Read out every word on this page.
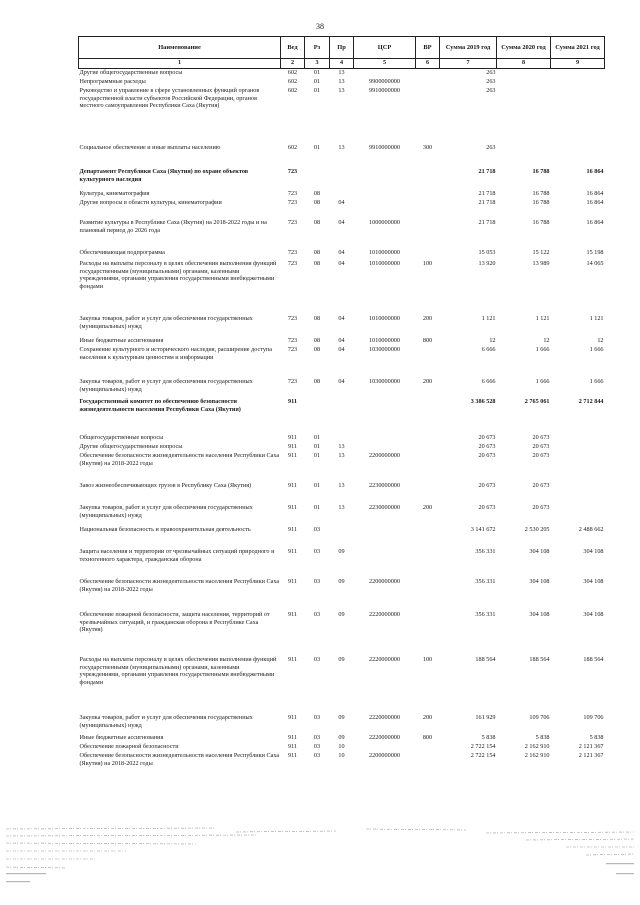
38
Наименование	Вед	Рз	Пр	ЦСР	ВР	Сумма 2019 год	Сумма 2020 год	Сумма 2021 год
1	2	3	4	5	6	7	8	9
Другие общегосударственные вопросы	602	01	13			263		
Непрограммные расходы	602	01	13	9900000000		263		
Руководство и управление в сфере установленных функций органов государственной власти субъектов Российской Федерации, органов местного самоуправления Республики Саха (Якутия)	602	01	13	9910000000		263		
Социальное обеспечение и иные выплаты населению	602	01	13	9910000000	300	263		
Департамент Республики Саха (Якутия) по охране объектов культурного наследия	723					21 718	16 788	16 864
Культура, кинематография	723	08				21 718	16 788	16 864
Другие вопросы в области культуры, кинематографии	723	08	04			21 718	16 788	16 864
Развитие культуры в Республике Саха (Якутия) на 2018-2022 годы и на плановый период до 2026 года	723	08	04	1000000000		21 718	16 788	16 864
Обеспечивающая подпрограмма	723	08	04	1010000000		15 053	15 122	15 198
Расходы на выплаты персоналу в целях обеспечения выполнения функций государственными (муниципальными) органами, казенными учреждениями, органами управления государственными внебюджетными фондами	723	08	04	1010000000	100	13 920	13 989	14 065
Закупка товаров, работ и услуг для обеспечения государственных (муниципальных) нужд	723	08	04	1010000000	200	1 121	1 121	1 121
Иные бюджетные ассигнования	723	08	04	1010000000	800	12	12	12
Сохранение культурного и исторического наследия, расширение доступа населения к культурным ценностям и информации	723	08	04	1030000000		6 666	1 666	1 666
Закупка товаров, работ и услуг для обеспечения государственных (муниципальных) нужд	723	08	04	1030000000	200	6 666	1 666	1 666
Государственный комитет по обеспечению безопасности жизнедеятельности населения Республики Саха (Якутия)	911					3 386 528	2 765 061	2 712 844
Общегосударственные вопросы	911	01				20 673	20 673	
Другие общегосударственные вопросы	911	01	13			20 673	20 673	
Обеспечение безопасности жизнедеятельности населения Республики Саха (Якутия) на 2018-2022 годы	911	01	13	2200000000		20 673	20 673	
Завоз жизнеобеспечивающих грузов в Республику Саха (Якутия)	911	01	13	2230000000		20 673	20 673	
Закупка товаров, работ и услуг для обеспечения государственных (муниципальных) нужд	911	01	13	2230000000	200	20 673	20 673	
Национальная безопасность и правоохранительная деятельность	911	03				3 141 672	2 530 205	2 488 662
Защита населения и территории от чрезвычайных ситуаций природного и техногенного характера, гражданская оборона	911	03	09			356 331	304 108	304 108
Обеспечение безопасности жизнедеятельности населения Республики Саха (Якутия) на 2018-2022 годы	911	03	09	2200000000		356 331	304 108	304 108
Обеспечение пожарной безопасности, защита населения, территорий от чрезвычайных ситуаций, и гражданская оборона в Республике Саха (Якутия)	911	03	09	2220000000		356 331	304 108	304 108
Расходы на выплаты персоналу в целях обеспечения выполнения функций государственными (муниципальными) органами, казенными учреждениями, органами управления государственными внебюджетными фондами	911	03	09	2220000000	100	188 564	188 564	188 564
Закупка товаров, работ и услуг для обеспечения государственных (муниципальных) нужд	911	03	09	2220000000	200	161 929	109 706	109 706
Иные бюджетные ассигнования	911	03	09	2220000000	800	5 838	5 838	5 838
Обеспечение пожарной безопасности	911	03	10			2 722 154	2 162 910	2 121 367
Обеспечение безопасности жизнедеятельности населения Республики Саха (Якутия) на 2018-2022 годы	911	03	10	2200000000		2 722 154	2 162 910	2 121 367
